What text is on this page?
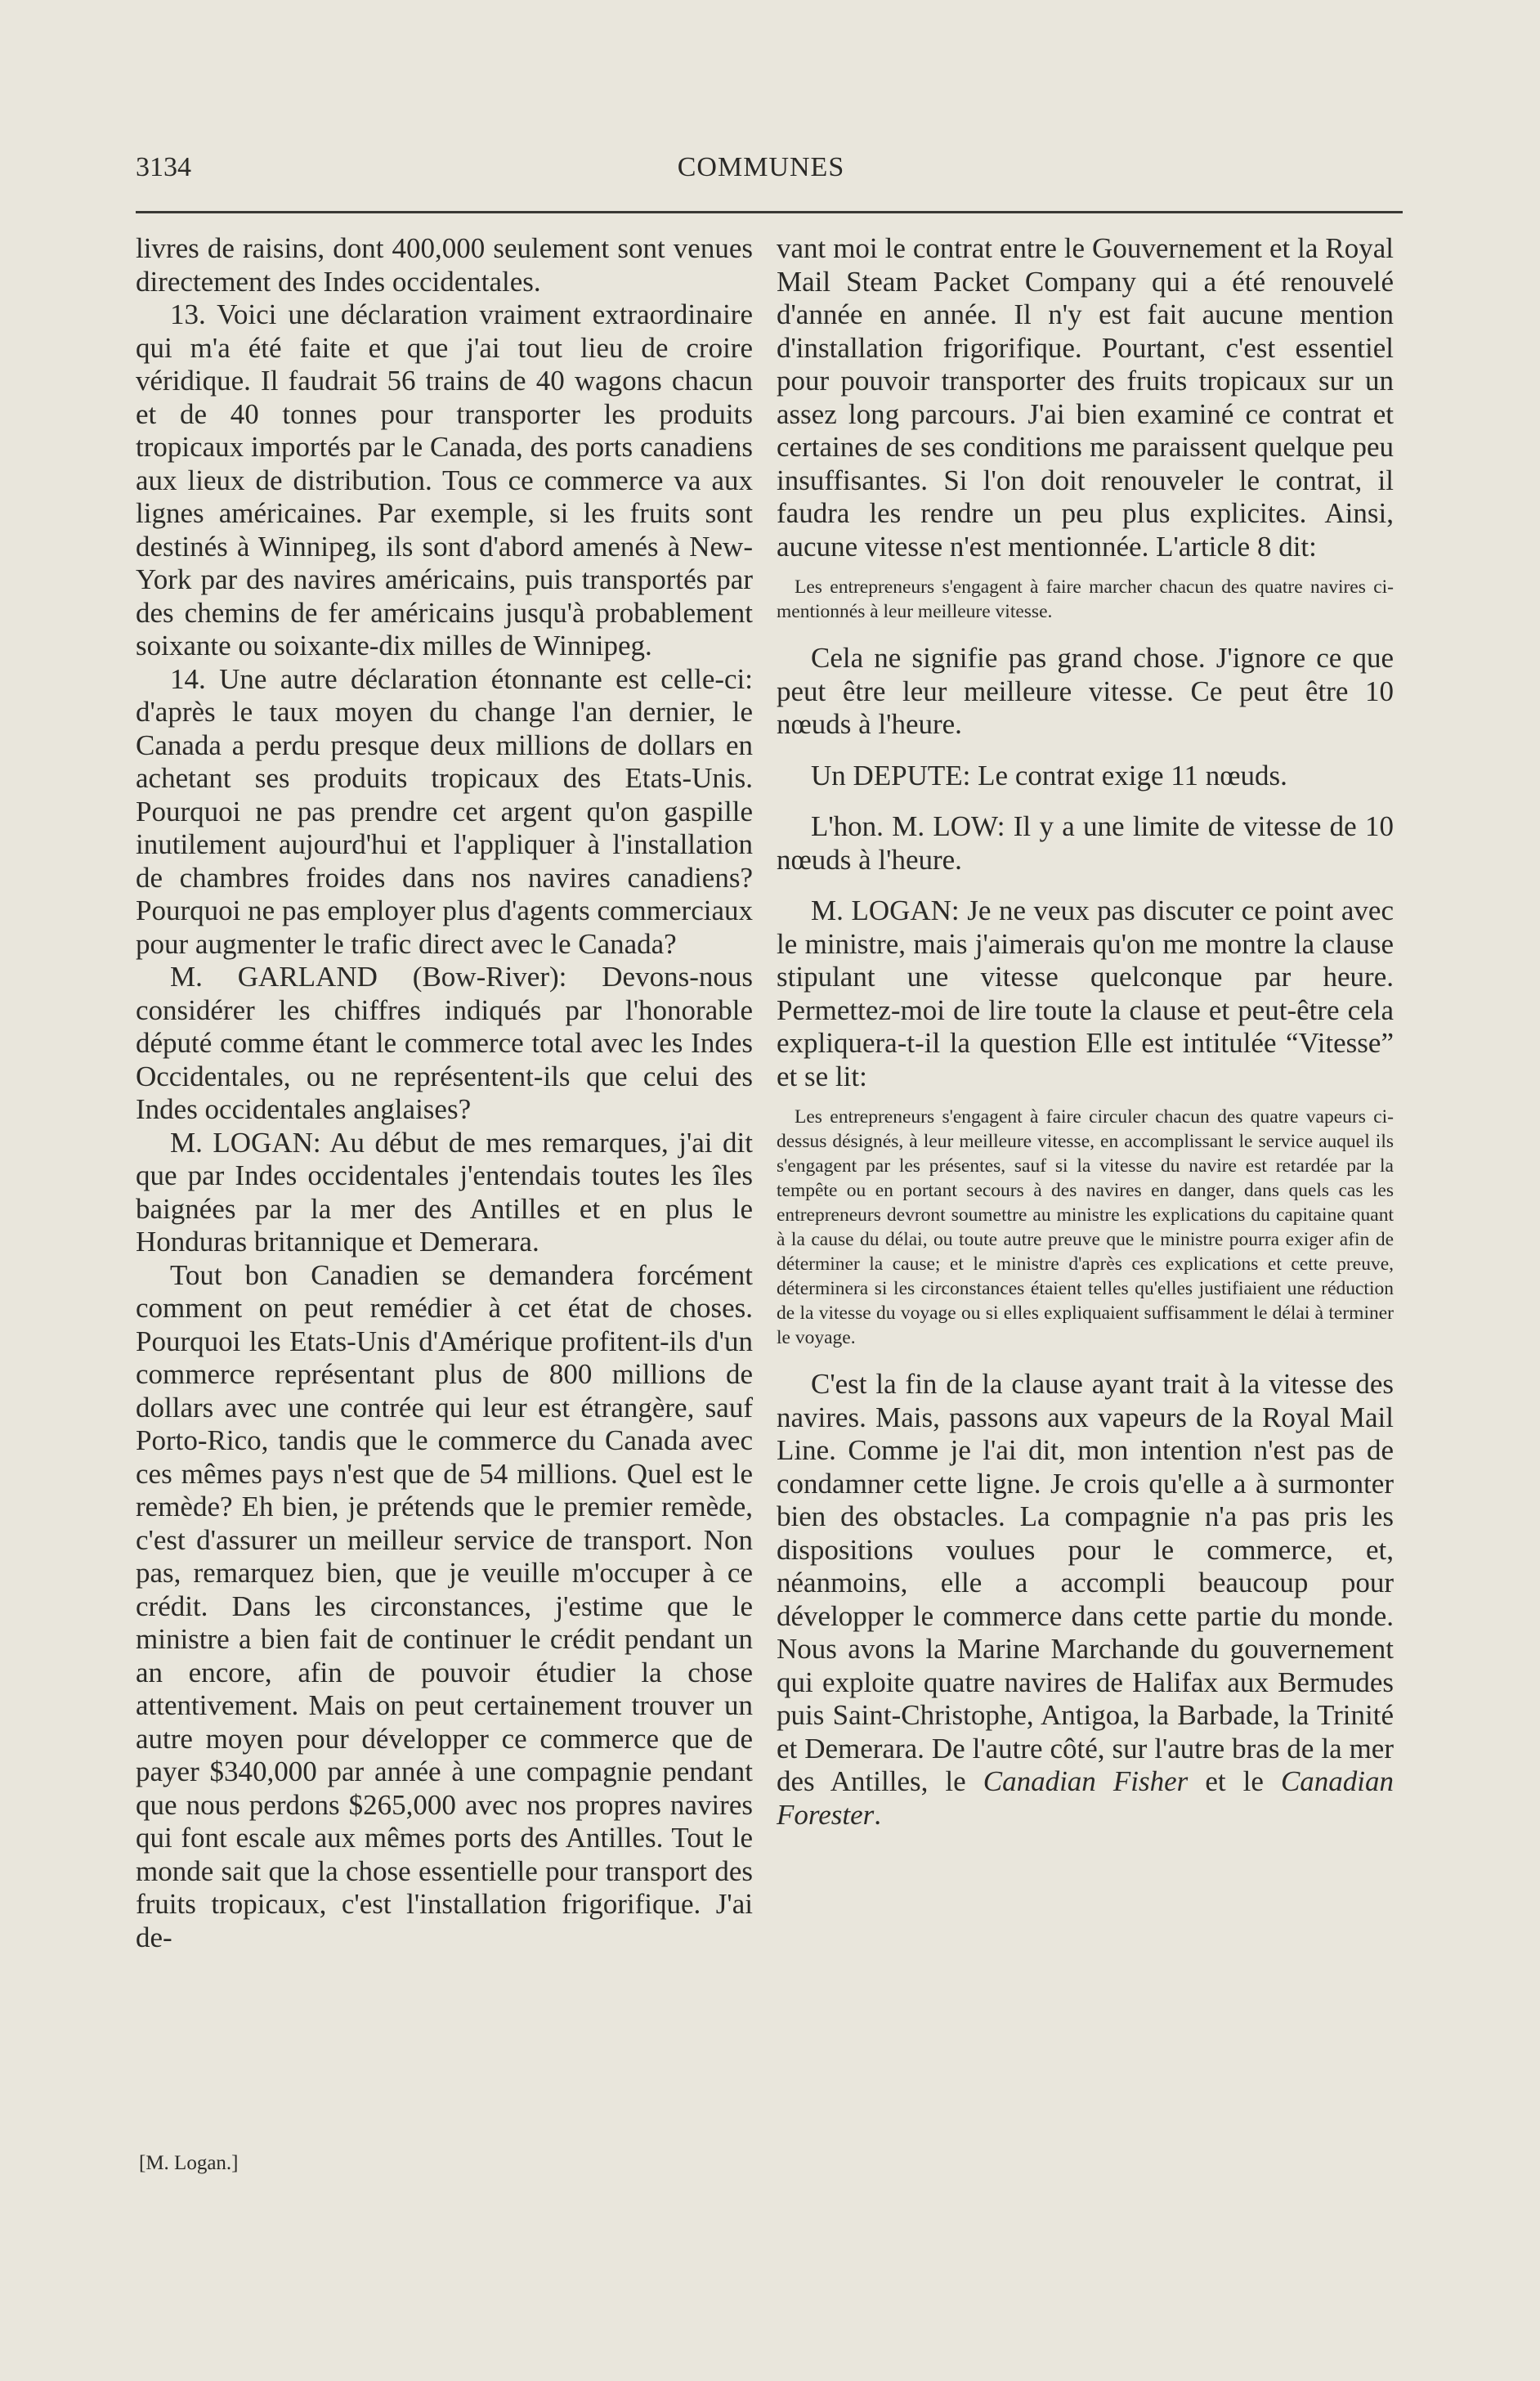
3134	COMMUNES

livres de raisins, dont 400,000 seulement sont venues directement des Indes occidentales.

13. Voici une déclaration vraiment extraordinaire qui m'a été faite et que j'ai tout lieu de croire véridique. Il faudrait 56 trains de 40 wagons chacun et de 40 tonnes pour transporter les produits tropicaux importés par le Canada, des ports canadiens aux lieux de distribution. Tous ce commerce va aux lignes américaines. Par exemple, si les fruits sont destinés à Winnipeg, ils sont d'abord amenés à New-York par des navires américains, puis transportés par des chemins de fer américains jusqu'à probablement soixante ou soixante-dix milles de Winnipeg.

14. Une autre déclaration étonnante est celle-ci: d'après le taux moyen du change l'an dernier, le Canada a perdu presque deux millions de dollars en achetant ses produits tropicaux des Etats-Unis. Pourquoi ne pas prendre cet argent qu'on gaspille inutilement aujourd'hui et l'appliquer à l'installation de chambres froides dans nos navires canadiens? Pourquoi ne pas employer plus d'agents commerciaux pour augmenter le trafic direct avec le Canada?

M. GARLAND (Bow-River): Devons-nous considérer les chiffres indiqués par l'honorable député comme étant le commerce total avec les Indes Occidentales, ou ne représentent-ils que celui des Indes occidentales anglaises?

M. LOGAN: Au début de mes remarques, j'ai dit que par Indes occidentales j'entendais toutes les îles baignées par la mer des Antilles et en plus le Honduras britannique et Demerara.

Tout bon Canadien se demandera forcément comment on peut remédier à cet état de choses. Pourquoi les Etats-Unis d'Amérique profitent-ils d'un commerce représentant plus de 800 millions de dollars avec une contrée qui leur est étrangère, sauf Porto-Rico, tandis que le commerce du Canada avec ces mêmes pays n'est que de 54 millions. Quel est le remède? Eh bien, je prétends que le premier remède, c'est d'assurer un meilleur service de transport. Non pas, remarquez bien, que je veuille m'occuper à ce crédit. Dans les circonstances, j'estime que le ministre a bien fait de continuer le crédit pendant un an encore, afin de pouvoir étudier la chose attentivement. Mais on peut certainement trouver un autre moyen pour développer ce commerce que de payer $340,000 par année à une compagnie pendant que nous perdons $265,000 avec nos propres navires qui font escale aux mêmes ports des Antilles. Tout le monde sait que la chose essentielle pour transport des fruits tropicaux, c'est l'installation frigorifique. J'ai de-

vant moi le contrat entre le Gouvernement et la Royal Mail Steam Packet Company qui a été renouvelé d'année en année. Il n'y est fait aucune mention d'installation frigorifique. Pourtant, c'est essentiel pour pouvoir transporter des fruits tropicaux sur un assez long parcours. J'ai bien examiné ce contrat et certaines de ses conditions me paraissent quelque peu insuffisantes. Si l'on doit renouveler le contrat, il faudra les rendre un peu plus explicites. Ainsi, aucune vitesse n'est mentionnée. L'article 8 dit:

Les entrepreneurs s'engagent à faire marcher chacun des quatre navires ci-mentionnés à leur meilleure vitesse.

Cela ne signifie pas grand chose. J'ignore ce que peut être leur meilleure vitesse. Ce peut être 10 nœuds à l'heure.

Un DEPUTE: Le contrat exige 11 nœuds.

L'hon. M. LOW: Il y a une limite de vitesse de 10 nœuds à l'heure.

M. LOGAN: Je ne veux pas discuter ce point avec le ministre, mais j'aimerais qu'on me montre la clause stipulant une vitesse quelconque par heure. Permettez-moi de lire toute la clause et peut-être cela expliquera-t-il la question Elle est intitulée “Vitesse” et se lit:

Les entrepreneurs s'engagent à faire circuler chacun des quatre vapeurs ci-dessus désignés, à leur meilleure vitesse, en accomplissant le service auquel ils s'engagent par les présentes, sauf si la vitesse du navire est retardée par la tempête ou en portant secours à des navires en danger, dans quels cas les entrepreneurs devront soumettre au ministre les explications du capitaine quant à la cause du délai, ou toute autre preuve que le ministre pourra exiger afin de déterminer la cause; et le ministre d'après ces explications et cette preuve, déterminera si les circonstances étaient telles qu'elles justifiaient une réduction de la vitesse du voyage ou si elles expliquaient suffisamment le délai à terminer le voyage.

C'est la fin de la clause ayant trait à la vitesse des navires. Mais, passons aux vapeurs de la Royal Mail Line. Comme je l'ai dit, mon intention n'est pas de condamner cette ligne. Je crois qu'elle a à surmonter bien des obstacles. La compagnie n'a pas pris les dispositions voulues pour le commerce, et, néanmoins, elle a accompli beaucoup pour développer le commerce dans cette partie du monde. Nous avons la Marine Marchande du gouvernement qui exploite quatre navires de Halifax aux Bermudes puis Saint-Christophe, Antigoa, la Barbade, la Trinité et Demerara. De l'autre côté, sur l'autre bras de la mer des Antilles, le Canadian Fisher et le Canadian Forester.

[M. Logan.]
